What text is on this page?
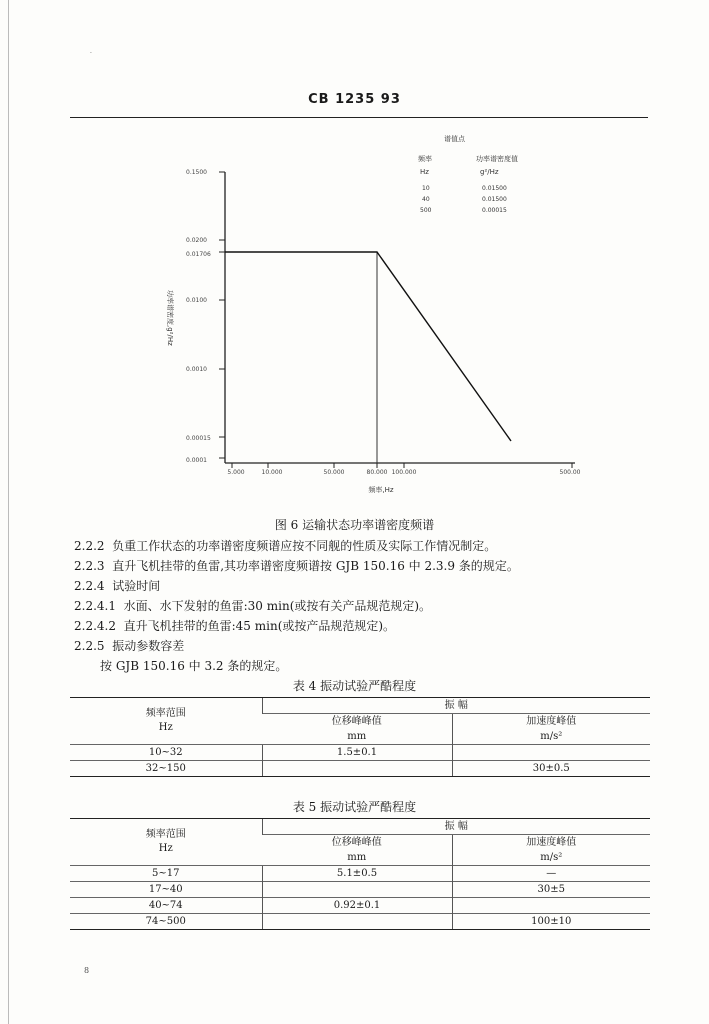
·
CB 1235 93
谱值点
频率
Hz
功率谱密度值
g²/Hz
10	0.01500
40	0.01500
500	0.00015
0.1500
0.0200
0.01706
0.0100
0.0010
0.00015
0.0001
5.000	10.000	50.000	80.000 100.000	500.00
频率,Hz
功率谱密度,g²/Hz
图 6 运输状态功率谱密度频谱
2.2.2 负重工作状态的功率谱密度频谱应按不同舰的性质及实际工作情况制定。
2.2.3 直升飞机挂带的鱼雷,其功率谱密度频谱按 GJB 150.16 中 2.3.9 条的规定。
2.2.4 试验时间
2.2.4.1 水面、水下发射的鱼雷:30 min(或按有关产品规范规定)。
2.2.4.2 直升飞机挂带的鱼雷:45 min(或按产品规范规定)。
2.2.5 振动参数容差
按 GJB 150.16 中 3.2 条的规定。
表 4 振动试验严酷程度
频率范围
Hz	振 幅	
	位移峰峰值	加速度峰值
	mm	m/s²
10~32	1.5±0.1	
32~150		30±0.5
表 5 振动试验严酷程度
频率范围
Hz	振 幅	
	位移峰峰值	加速度峰值
	mm	m/s²
5~17	5.1±0.5	—
17~40		30±5
40~74	0.92±0.1	
74~500		100±10
8
